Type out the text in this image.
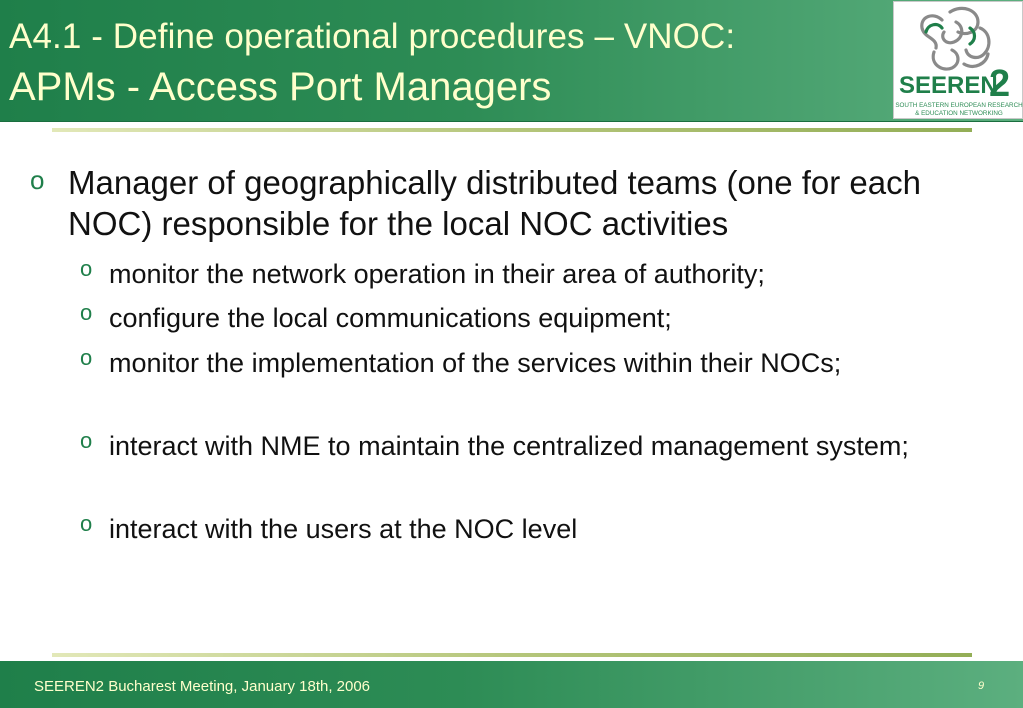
A4.1 - Define operational procedures – VNOC:
APMs - Access Port Managers	SEEREN
2
SOUTH EASTERN EUROPEAN RESEARCH
& EDUCATION NETWORKING
o Manager of geographically distributed teams (one for each NOC) responsible for the local NOC activities
o monitor the network operation in their area of authority;
o configure the local communications equipment;
o monitor the implementation of the services within their NOCs;
o interact with NME to maintain the centralized management system;
o interact with the users at the NOC level
SEEREN2 Bucharest Meeting, January 18th, 2006	9
